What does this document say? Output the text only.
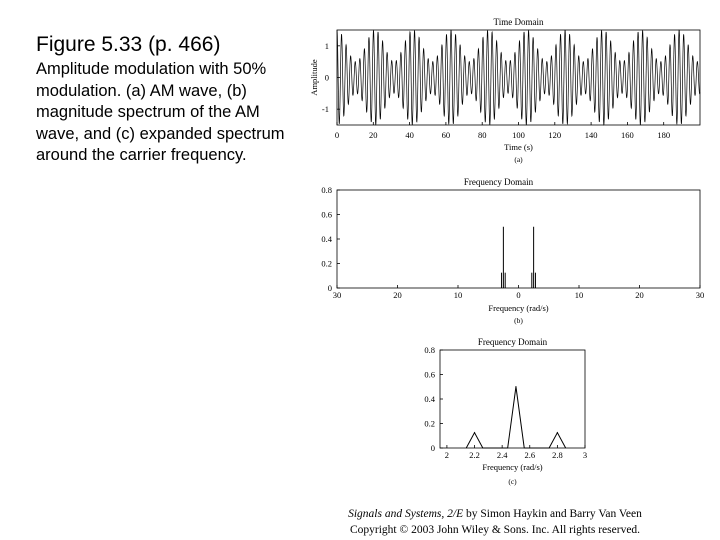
Figure 5.33 (p. 466)
Amplitude modulation with 50% modulation. (a) AM wave, (b) magnitude spectrum of the AM wave, and (c) expanded spectrum around the carrier frequency.
Time Domain
-1
0
1
0	20	40	60	80	100	120	140	160	180
Time (s)
(a)
Amplitude
Frequency Domain
0
0.2
0.4
0.6
0.8
30	20	10	0	10	20	30
Frequency (rad/s)
(b)
Frequency Domain
0
0.2
0.4
0.6
0.8
2 2.2 2.4 2.6 2.8 3
Frequency (rad/s)
(c)
Signals and Systems, 2/E by Simon Haykin and Barry Van Veen
Copyright © 2003 John Wiley & Sons. Inc. All rights reserved.
